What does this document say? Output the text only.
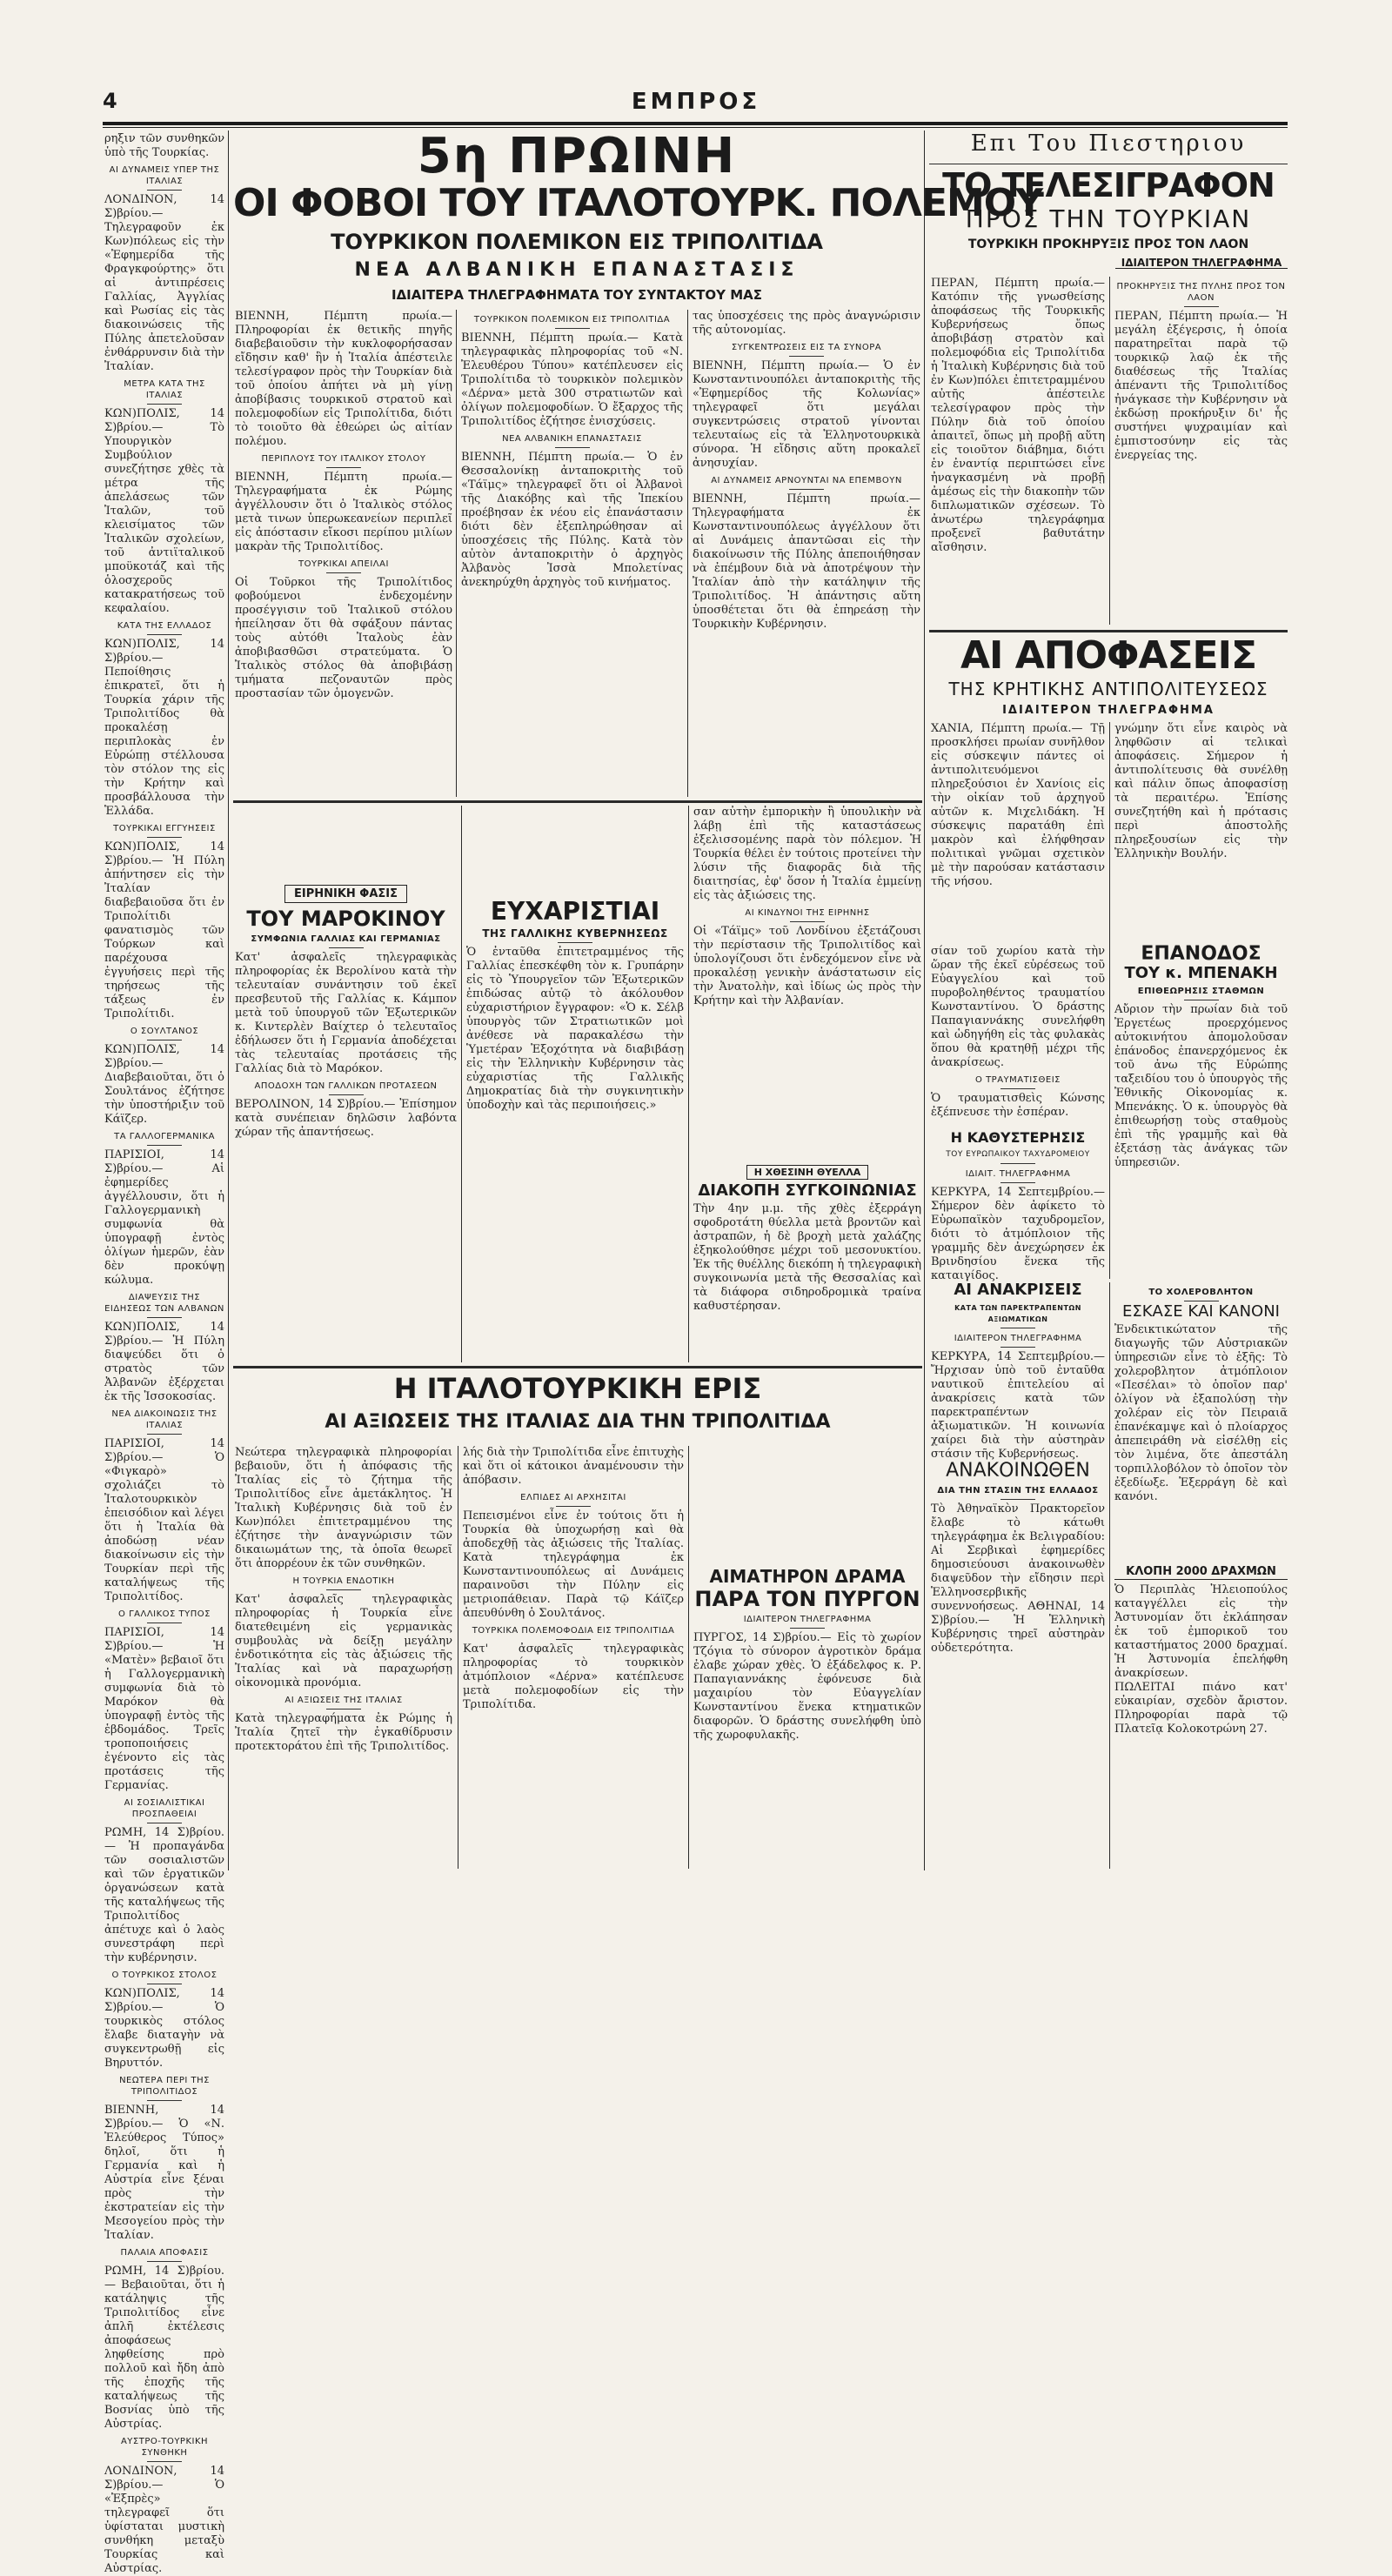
4	ΕΜΠΡΟΣ
ρηξιν τῶν συνθηκῶν ὑπὸ τῆς Τουρκίας.
ΑΙ ΔΥΝΑΜΕΙΣ ΥΠΕΡ ΤΗΣ ΙΤΑΛΙΑΣ
ΛΟΝΔΙΝΟΝ, 14 Σ)βρίου.— Τηλεγραφοῦν ἐκ Κων)πόλεως εἰς τὴν «Ἐφημερίδα τῆς Φραγκφούρτης» ὅτι αἱ ἀντιπρέσεις Γαλλίας, Ἀγγλίας καὶ Ρωσίας εἰς τὰς διακοινώσεις τῆς Πύλης ἀπετελοῦσαν ἐνθάρρυνσιν διὰ τὴν Ἰταλίαν.
ΜΕΤΡΑ ΚΑΤΑ ΤΗΣ ΙΤΑΛΙΑΣ
ΚΩΝ)ΠΟΛΙΣ, 14 Σ)βρίου.— Τὸ Υπουργικὸν Συμβούλιον συνεζήτησε χθὲς τὰ μέτρα τῆς ἀπελάσεως τῶν Ἰταλῶν, τοῦ κλεισίματος τῶν Ἰταλικῶν σχολείων, τοῦ ἀντιϊταλικοῦ μποϋκοτάζ καὶ τῆς ὁλοσχεροῦς κατακρατήσεως τοῦ κεφαλαίου.
ΚΑΤΑ ΤΗΣ ΕΛΛΑΔΟΣ
ΚΩΝ)ΠΟΛΙΣ, 14 Σ)βρίου.— Πεποίθησις ἐπικρατεῖ, ὅτι ἡ Τουρκία χάριν τῆς Τριπολιτίδος θὰ προκαλέσῃ περιπλοκὰς ἐν Εὐρώπῃ στέλλουσα τὸν στόλον της εἰς τὴν Κρήτην καὶ προσβάλλουσα τὴν Ἑλλάδα.
ΤΟΥΡΚΙΚΑΙ ΕΓΓΥΗΣΕΙΣ
ΚΩΝ)ΠΟΛΙΣ, 14 Σ)βρίου.— Ἡ Πύλη ἀπήντησεν εἰς τὴν Ἰταλίαν διαβεβαιοῦσα ὅτι ἐν Τριπολίτιδι φανατισμὸς τῶν Τούρκων καὶ παρέχουσα ἐγγυήσεις περὶ τῆς τηρήσεως τῆς τάξεως ἐν Τριπολίτιδι.
Ο ΣΟΥΛΤΑΝΟΣ
ΚΩΝ)ΠΟΛΙΣ, 14 Σ)βρίου.— Διαβεβαιοῦται, ὅτι ὁ Σουλτάνος ἐζήτησε τὴν ὑποστήριξιν τοῦ Κάϊζερ.
ΤΑ ΓΑΛΛΟΓΕΡΜΑΝΙΚΑ
ΠΑΡΙΣΙΟΙ, 14 Σ)βρίου.— Αἱ ἐφημερίδες ἀγγέλλουσιν, ὅτι ἡ Γαλλογερμανικὴ συμφωνία θὰ ὑπογραφῇ ἐντὸς ὀλίγων ἡμερῶν, ἐὰν δὲν προκύψῃ κώλυμα.
ΔΙΑΨΕΥΣΙΣ ΤΗΣ ΕΙΔΗΣΕΩΣ ΤΩΝ ΑΛΒΑΝΩΝ
ΚΩΝ)ΠΟΛΙΣ, 14 Σ)βρίου.— Ἡ Πύλη διαψεύδει ὅτι ὁ στρατὸς τῶν Ἀλβανῶν ἐξέρχεται ἐκ τῆς Ἰσσοκοσίας.
ΝΕΑ ΔΙΑΚΟΙΝΩΣΙΣ ΤΗΣ ΙΤΑΛΙΑΣ
ΠΑΡΙΣΙΟΙ, 14 Σ)βρίου.— Ὁ «Φιγκαρὸ» σχολιάζει τὸ Ἰταλοτουρκικὸν ἐπεισόδιον καὶ λέγει ὅτι ἡ Ἰταλία θὰ ἀποδώσῃ νέαν διακοίνωσιν εἰς τὴν Τουρκίαν περὶ τῆς καταλήψεως τῆς Τριπολιτίδος.
Ο ΓΑΛΛΙΚΟΣ ΤΥΠΟΣ
ΠΑΡΙΣΙΟΙ, 14 Σ)βρίου.— Ἡ «Ματὲν» βεβαιοῖ ὅτι ἡ Γαλλογερμανικὴ συμφωνία διὰ τὸ Μαρόκον θὰ ὑπογραφῇ ἐντὸς τῆς ἑβδομάδος. Τρεῖς τροποποιήσεις ἐγένοντο εἰς τὰς προτάσεις τῆς Γερμανίας.
ΑΙ ΣΟΣΙΑΛΙΣΤΙΚΑΙ ΠΡΟΣΠΑΘΕΙΑΙ
ΡΩΜΗ, 14 Σ)βρίου.— Ἡ προπαγάνδα τῶν σοσιαλιστῶν καὶ τῶν ἐργατικῶν ὀργανώσεων κατὰ τῆς καταλήψεως τῆς Τριπολιτίδος ἀπέτυχε καὶ ὁ λαὸς συνεστράφη περὶ τὴν κυβέρνησιν.
Ο ΤΟΥΡΚΙΚΟΣ ΣΤΟΛΟΣ
ΚΩΝ)ΠΟΛΙΣ, 14 Σ)βρίου.— Ὁ τουρκικὸς στόλος ἔλαβε διαταγὴν νὰ συγκεντρωθῇ εἰς Βηρυττόν.
ΝΕΩΤΕΡΑ ΠΕΡΙ ΤΗΣ ΤΡΙΠΟΛΙΤΙΔΟΣ
ΒΙΕΝΝΗ, 14 Σ)βρίου.— Ὁ «Ν. Ἐλεύθερος Τύπος» δηλοῖ, ὅτι ἡ Γερμανία καὶ ἡ Αὐστρία εἶνε ξέναι πρὸς τὴν ἐκστρατείαν εἰς τὴν Μεσογείου πρὸς τὴν Ἰταλίαν.
ΠΑΛΑΙΑ ΑΠΟΦΑΣΙΣ
ΡΩΜΗ, 14 Σ)βρίου.— Βεβαιοῦται, ὅτι ἡ κατάληψις τῆς Τριπολιτίδος εἶνε ἀπλῆ ἐκτέλεσις ἀποφάσεως ληφθείσης πρὸ πολλοῦ καὶ ἤδη ἀπὸ τῆς ἐποχῆς τῆς καταλήψεως τῆς Βοσνίας ὑπὸ τῆς Αὐστρίας.
ΑΥΣΤΡΟ-ΤΟΥΡΚΙΚΗ ΣΥΝΘΗΚΗ
ΛΟΝΔΙΝΟΝ, 14 Σ)βρίου.— Ὁ «Ἐξπρὲς» τηλεγραφεῖ ὅτι ὑφίσταται μυστικὴ συνθήκη μεταξὺ Τουρκίας καὶ Αὐστρίας.
5η ΠΡΩΙΝΗ
ΟΙ ΦΟΒΟΙ ΤΟΥ ΙΤΑΛΟΤΟΥΡΚ. ΠΟΛΕΜΟΥ
ΤΟΥΡΚΙΚΟΝ ΠΟΛΕΜΙΚΟΝ ΕΙΣ ΤΡΙΠΟΛΙΤΙΔΑ
ΝΕΑ ΑΛΒΑΝΙΚΗ ΕΠΑΝΑΣΤΑΣΙΣ
ΙΔΙΑΙΤΕΡΑ ΤΗΛΕΓΡΑΦΗΜΑΤΑ ΤΟΥ ΣΥΝΤΑΚΤΟΥ ΜΑΣ
ΒΙΕΝΝΗ, Πέμπτη πρωία.— Πληροφορίαι ἐκ θετικῆς πηγῆς διαβεβαιοῦσιν τὴν κυκλοφορήσασαν εἴδησιν καθ' ἣν ἡ Ἰταλία ἀπέστειλε τελεσίγραφον πρὸς τὴν Τουρκίαν διὰ τοῦ ὁποίου ἀπήτει νὰ μὴ γίνῃ ἀποβίβασις τουρκικοῦ στρατοῦ καὶ πολεμοφοδίων εἰς Τριπολίτιδα, διότι τὸ τοιοῦτο θὰ ἐθεώρει ὡς αἰτίαν πολέμου.
ΠΕΡΙΠΛΟΥΣ ΤΟΥ ΙΤΑΛΙΚΟΥ ΣΤΟΛΟΥ
ΒΙΕΝΝΗ, Πέμπτη πρωία.— Τηλεγραφήματα ἐκ Ρώμης ἀγγέλλουσιν ὅτι ὁ Ἰταλικὸς στόλος μετὰ τινων ὑπερωκεανείων περιπλεῖ εἰς ἀπόστασιν εἴκοσι περίπου μιλίων μακρὰν τῆς Τριπολιτίδος.
ΤΟΥΡΚΙΚΑΙ ΑΠΕΙΛΑΙ
Οἱ Τοῦρκοι τῆς Τριπολίτιδος φοβούμενοι ἐνδεχομένην προσέγγισιν τοῦ Ἰταλικοῦ στόλου ἠπείλησαν ὅτι θὰ σφάξουν πάντας τοὺς αὐτόθι Ἰταλοὺς ἐὰν ἀποβιβασθῶσι στρατεύματα. Ὁ Ἰταλικὸς στόλος θὰ ἀποβιβάσῃ τμήματα πεζοναυτῶν πρὸς προστασίαν τῶν ὁμογενῶν.
ΤΟΥΡΚΙΚΟΝ ΠΟΛΕΜΙΚΟΝ ΕΙΣ ΤΡΙΠΟΛΙΤΙΔΑ
ΒΙΕΝΝΗ, Πέμπτη πρωία.— Κατὰ τηλεγραφικὰς πληροφορίας τοῦ «Ν. Ἐλευθέρου Τύπου» κατέπλευσεν εἰς Τριπολίτιδα τὸ τουρκικὸν πολεμικὸν «Δέρνα» μετὰ 300 στρατιωτῶν καὶ ὀλίγων πολεμοφοδίων. Ὁ ἔξαρχος τῆς Τριπολιτίδος ἐζήτησε ἐνισχύσεις.
ΝΕΑ ΑΛΒΑΝΙΚΗ ΕΠΑΝΑΣΤΑΣΙΣ
ΒΙΕΝΝΗ, Πέμπτη πρωία.— Ὁ ἐν Θεσσαλονίκῃ ἀνταποκριτὴς τοῦ «Τάϊμς» τηλεγραφεῖ ὅτι οἱ Ἀλβανοὶ τῆς Διακόβης καὶ τῆς Ἰπεκίου προέβησαν ἐκ νέου εἰς ἐπανάστασιν διότι δὲν ἐξεπληρώθησαν αἱ ὑποσχέσεις τῆς Πύλης. Κατὰ τὸν αὐτὸν ἀνταποκριτὴν ὁ ἀρχηγὸς Ἀλβανὸς Ἰσσὰ Μπολετίνας ἀνεκηρύχθη ἀρχηγὸς τοῦ κινήματος.
τας ὑποσχέσεις της πρὸς ἀναγνώρισιν τῆς αὐτονομίας.
ΣΥΓΚΕΝΤΡΩΣΕΙΣ ΕΙΣ ΤΑ ΣΥΝΟΡΑ
ΒΙΕΝΝΗ, Πέμπτη πρωία.— Ὁ ἐν Κωνσταντινουπόλει ἀνταποκριτὴς τῆς «Ἐφημερίδος τῆς Κολωνίας» τηλεγραφεῖ ὅτι μεγάλαι συγκεντρώσεις στρατοῦ γίνονται τελευταίως εἰς τὰ Ἑλληνοτουρκικὰ σύνορα. Ἡ εἴδησις αὕτη προκαλεῖ ἀνησυχίαν.
ΑΙ ΔΥΝΑΜΕΙΣ ΑΡΝΟΥΝΤΑΙ ΝΑ ΕΠΕΜΒΟΥΝ
ΒΙΕΝΝΗ, Πέμπτη πρωία.— Τηλεγραφήματα ἐκ Κωνσταντινουπόλεως ἀγγέλλουν ὅτι αἱ Δυνάμεις ἀπαντῶσαι εἰς τὴν διακοίνωσιν τῆς Πύλης ἀπεποιήθησαν νὰ ἐπέμβουν διὰ νὰ ἀποτρέψουν τὴν Ἰταλίαν ἀπὸ τὴν κατάληψιν τῆς Τριπολιτίδος. Ἡ ἀπάντησις αὕτη ὑποσθέτεται ὅτι θὰ ἐπηρεάσῃ τὴν Τουρκικὴν Κυβέρνησιν.
ΕΙΡΗΝΙΚΗ ΦΑΣΙΣ
ΤΟΥ ΜΑΡΟΚΙΝΟΥ
ΣΥΜΦΩΝΙΑ ΓΑΛΛΙΑΣ ΚΑΙ ΓΕΡΜΑΝΙΑΣ
Κατ' ἀσφαλεῖς τηλεγραφικὰς πληροφορίας ἐκ Βερολίνου κατὰ τὴν τελευταίαν συνάντησιν τοῦ ἐκεῖ πρεσβευτοῦ τῆς Γαλλίας κ. Κάμπον μετὰ τοῦ ὑπουργοῦ τῶν Ἐξωτερικῶν κ. Κιντερλὲν Βαίχτερ ὁ τελευταῖος ἐδήλωσεν ὅτι ἡ Γερμανία ἀποδέχεται τὰς τελευταίας προτάσεις τῆς Γαλλίας διὰ τὸ Μαρόκον.
ΑΠΟΔΟΧΗ ΤΩΝ ΓΑΛΛΙΚΩΝ ΠΡΟΤΑΣΕΩΝ
ΒΕΡΟΛΙΝΟΝ, 14 Σ)βρίου.— Ἐπίσημον κατὰ συνέπειαν δηλῶσιν λαβόντα χώραν τῆς ἀπαντήσεως.
ΕΥΧΑΡΙΣΤΙΑΙ
ΤΗΣ ΓΑΛΛΙΚΗΣ ΚΥΒΕΡΝΗΣΕΩΣ
Ὁ ἐνταῦθα ἐπιτετραμμένος τῆς Γαλλίας ἐπεσκέφθη τὸν κ. Γρυπάρην εἰς τὸ Ὑπουργεῖον τῶν Ἐξωτερικῶν ἐπιδώσας αὐτῷ τὸ ἀκόλουθον εὐχαριστήριον ἔγγραφον: «Ὁ κ. Σέλβ ὑπουργὸς τῶν Στρατιωτικῶν μοὶ ἀνέθεσε νὰ παρακαλέσω τὴν Ὑμετέραν Ἐξοχότητα νὰ διαβιβάσῃ εἰς τὴν Ἑλληνικὴν Κυβέρνησιν τὰς εὐχαριστίας τῆς Γαλλικῆς Δημοκρατίας διὰ τὴν συγκινητικὴν ὑποδοχὴν καὶ τὰς περιποιήσεις.»
σαν αὐτὴν ἐμπορικὴν ἢ ὑπουλικὴν νὰ λάβῃ ἐπὶ τῆς καταστάσεως ἐξελισσομένης παρὰ τὸν πόλεμον. Ἡ Τουρκία θέλει ἐν τούτοις προτείνει τὴν λύσιν τῆς διαφορᾶς διὰ τῆς διαιτησίας, ἐφ' ὅσον ἡ Ἰταλία ἐμμείνῃ εἰς τὰς ἀξιώσεις της.
ΑΙ ΚΙΝΔΥΝΟΙ ΤΗΣ ΕΙΡΗΝΗΣ
Οἱ «Τάϊμς» τοῦ Λονδίνου ἐξετάζουσι τὴν περίστασιν τῆς Τριπολιτίδος καὶ ὑπολογίζουσι ὅτι ἐνδεχόμενον εἶνε νὰ προκαλέσῃ γενικὴν ἀνάστατωσιν εἰς τὴν Ἀνατολὴν, καὶ ἰδίως ὡς πρὸς τὴν Κρήτην καὶ τὴν Ἀλβανίαν.
Η ΧΘΕΣΙΝΗ ΘΥΕΛΛΑ
ΔΙΑΚΟΠΗ ΣΥΓΚΟΙΝΩΝΙΑΣ
Τὴν 4ην μ.μ. τῆς χθὲς ἐξερράγη σφοδροτάτη θύελλα μετὰ βροντῶν καὶ ἀστραπῶν, ἡ δὲ βροχὴ μετὰ χαλάζης ἐξηκολούθησε μέχρι τοῦ μεσονυκτίου. Ἐκ τῆς θυέλλης διεκόπη ἡ τηλεγραφικὴ συγκοινωνία μετὰ τῆς Θεσσαλίας καὶ τὰ διάφορα σιδηροδρομικὰ τραίνα καθυστέρησαν.
Η ΙΤΑΛΟΤΟΥΡΚΙΚΗ ΕΡΙΣ
ΑΙ ΑΞΙΩΣΕΙΣ ΤΗΣ ΙΤΑΛΙΑΣ ΔΙΑ ΤΗΝ ΤΡΙΠΟΛΙΤΙΔΑ
Νεώτερα τηλεγραφικὰ πληροφορίαι βεβαιοῦν, ὅτι ἡ ἀπόφασις τῆς Ἰταλίας εἰς τὸ ζήτημα τῆς Τριπολιτίδος εἶνε ἀμετάκλητος. Ἡ Ἰταλικὴ Κυβέρνησις διὰ τοῦ ἐν Κων)πόλει ἐπιτετραμμένου της ἐζήτησε τὴν ἀναγνώρισιν τῶν δικαιωμάτων της, τὰ ὁποῖα θεωρεῖ ὅτι ἀπορρέουν ἐκ τῶν συνθηκῶν.
Η ΤΟΥΡΚΙΑ ΕΝΔΟΤΙΚΗ
Κατ' ἀσφαλεῖς τηλεγραφικὰς πληροφορίας ἡ Τουρκία εἶνε διατεθειμένη εἰς γερμανικὰς συμβουλὰς νὰ δείξῃ μεγάλην ἐνδοτικότητα εἰς τὰς ἀξιώσεις τῆς Ἰταλίας καὶ νὰ παραχωρήσῃ οἰκονομικὰ προνόμια.
ΑΙ ΑΞΙΩΣΕΙΣ ΤΗΣ ΙΤΑΛΙΑΣ
Κατὰ τηλεγραφήματα ἐκ Ρώμης ἡ Ἰταλία ζητεῖ τὴν ἐγκαθίδρυσιν προτεκτοράτου ἐπὶ τῆς Τριπολιτίδος.
λής διὰ τὴν Τριπολίτιδα εἶνε ἐπιτυχὴς καὶ ὅτι οἱ κάτοικοι ἀναμένουσιν τὴν ἀπόβασιν.
ΕΛΠΙΔΕΣ ΑΙ ΑΡΧΗΣΙΤΑΙ
Πεπεισμένοι εἶνε ἐν τούτοις ὅτι ἡ Τουρκία θὰ ὑποχωρήσῃ καὶ θὰ ἀποδεχθῇ τὰς ἀξιώσεις τῆς Ἰταλίας. Κατὰ τηλεγράφημα ἐκ Κωνσταντινουπόλεως αἱ Δυνάμεις παραινοῦσι τὴν Πύλην εἰς μετριοπάθειαν. Παρὰ τῷ Κάϊζερ ἀπευθύνθη ὁ Σουλτάνος.
ΤΟΥΡΚΙΚΑ ΠΟΛΕΜΟΦΟΔΙΑ ΕΙΣ ΤΡΙΠΟΛΙΤΙΔΑ
Κατ' ἀσφαλεῖς τηλεγραφικὰς πληροφορίας τὸ τουρκικὸν ἀτμόπλοιον «Δέρνα» κατέπλευσε μετὰ πολεμοφοδίων εἰς τὴν Τριπολίτιδα.
ΑΙΜΑΤΗΡΟΝ ΔΡΑΜΑ
ΠΑΡΑ ΤΟΝ ΠΥΡΓΟΝ
ΙΔΙΑΙΤΕΡΟΝ ΤΗΛΕΓΡΑΦΗΜΑ
ΠΥΡΓΟΣ, 14 Σ)βρίου.— Εἰς τὸ χωρίον Τζόγια τὸ σύνορον ἀγροτικὸν δράμα ἐλαβε χώραν χθὲς. Ὁ ἐξάδελφος κ. Ρ. Παπαγιαννάκης ἐφόνευσε διὰ μαχαιρίου τὸν Εὐαγγελίαν Κωνσταντίνου ἕνεκα κτηματικῶν διαφορῶν. Ὁ δράστης συνελήφθη ὑπὸ τῆς χωροφυλακῆς.
Επι Του Πιεστηριου
ΤΟ ΤΕΛΕΣΙΓΡΑΦΟΝ
ΠΡΟΣ ΤΗΝ ΤΟΥΡΚΙΑΝ
ΤΟΥΡΚΙΚΗ ΠΡΟΚΗΡΥΞΙΣ ΠΡΟΣ ΤΟΝ ΛΑΟΝ
ΙΔΙΑΙΤΕΡΟΝ ΤΗΛΕΓΡΑΦΗΜΑ
ΠΕΡΑΝ, Πέμπτη πρωία.— Κατόπιν τῆς γνωσθείσης ἀποφάσεως τῆς Τουρκικῆς Κυβερνήσεως ὅπως ἀποβιβάσῃ στρατὸν καὶ πολεμοφόδια εἰς Τριπολίτιδα ἡ Ἰταλικὴ Κυβέρνησις διὰ τοῦ ἐν Κων)πόλει ἐπιτετραμμένου αὐτῆς ἀπέστειλε τελεσίγραφον πρὸς τὴν Πύλην διὰ τοῦ ὁποίου ἀπαιτεῖ, ὅπως μὴ προβῇ αὕτη εἰς τοιοῦτον διάβημα, διότι ἐν ἐναντίᾳ περιπτώσει εἶνε ἠναγκασμένη νὰ προβῇ ἀμέσως εἰς τὴν διακοπὴν τῶν διπλωματικῶν σχέσεων. Τὸ ἀνωτέρω τηλεγράφημα προξενεῖ βαθυτάτην αἴσθησιν.
ΠΡΟΚΗΡΥΞΙΣ ΤΗΣ ΠΥΛΗΣ ΠΡΟΣ ΤΟΝ ΛΑΟΝ
ΠΕΡΑΝ, Πέμπτη πρωία.— Ἡ μεγάλη ἐξέγερσις, ἡ ὁποία παρατηρεῖται παρὰ τῷ τουρκικῷ λαῷ ἐκ τῆς διαθέσεως τῆς Ἰταλίας ἀπέναντι τῆς Τριπολιτίδος ἠνάγκασε τὴν Κυβέρνησιν νὰ ἐκδώσῃ προκήρυξιν δι' ἧς συστήνει ψυχραιμίαν καὶ ἐμπιστοσύνην εἰς τὰς ἐνεργείας της.
ΑΙ ΑΠΟΦΑΣΕΙΣ
ΤΗΣ ΚΡΗΤΙΚΗΣ ΑΝΤΙΠΟΛΙΤΕΥΣΕΩΣ
ΙΔΙΑΙΤΕΡΟΝ ΤΗΛΕΓΡΑΦΗΜΑ
ΧΑΝΙΑ, Πέμπτη πρωία.— Τῇ προσκλήσει πρωίαν συνῆλθον εἰς σύσκεψιν πάντες οἱ ἀντιπολιτευόμενοι πληρεξούσιοι ἐν Χανίοις εἰς τὴν οἰκίαν τοῦ ἀρχηγοῦ αὐτῶν κ. Μιχελιδάκη. Ἡ σύσκεψις παρατάθη ἐπὶ μακρὸν καὶ ἐλήφθησαν πολιτικαὶ γνῶμαι σχετικὸν μὲ τὴν παρούσαν κατάστασιν τῆς νήσου.
γνώμην ὅτι εἶνε καιρὸς νὰ ληφθῶσιν αἱ τελικαὶ ἀποφάσεις. Σήμερον ἡ ἀντιπολίτευσις θὰ συνέλθῃ καὶ πάλιν ὅπως ἀποφασίσῃ τὰ περαιτέρω. Ἐπίσης συνεζητήθη καὶ ἡ πρότασις περὶ ἀποστολῆς πληρεξουσίων εἰς τὴν Ἑλληνικὴν Βουλήν.
σίαν τοῦ χωρίου κατὰ τὴν ὥραν τῆς ἐκεῖ εὑρέσεως τοῦ Εὐαγγελίου καὶ τοῦ πυροβοληθέντος τραυματίου Κωνσταντίνου. Ὁ δράστης Παπαγιαννάκης συνελήφθη καὶ ὡδηγήθη εἰς τὰς φυλακὰς ὅπου θὰ κρατηθῇ μέχρι τῆς ἀνακρίσεως.
Ο ΤΡΑΥΜΑΤΙΣΘΕΙΣ
Ὁ τραυματισθεὶς Κώνσης ἐξέπνευσε τὴν ἑσπέραν.
ΕΠΑΝΟΔΟΣ
ΤΟΥ κ. ΜΠΕΝΑΚΗ
ΕΠΙΘΕΩΡΗΣΙΣ ΣΤΑΘΜΩΝ
Αὔριον τὴν πρωίαν διὰ τοῦ Ἐργετέως προερχόμενος αὐτοκινήτου ἀπομολοῦσαν ἐπάνοδος ἐπανερχόμενος ἐκ τοῦ ἀνω τῆς Εὐρώπης ταξειδίου του ὁ ὑπουργὸς τῆς Ἐθνικῆς Οἰκονομίας κ. Μπενάκης. Ὁ κ. ὑπουργὸς θὰ ἐπιθεωρήσῃ τοὺς σταθμοὺς ἐπὶ τῆς γραμμῆς καὶ θὰ ἐξετάσῃ τὰς ἀνάγκας τῶν ὑπηρεσιῶν.
Η ΚΑΘΥΣΤΕΡΗΣΙΣ
ΤΟΥ ΕΥΡΩΠΑΙΚΟΥ ΤΑΧΥΔΡΟΜΕΙΟΥ
ΙΔΙΑΙΤ. ΤΗΛΕΓΡΑΦΗΜΑ
ΚΕΡΚΥΡΑ, 14 Σεπτεμβρίου.— Σήμερον δὲν ἀφίκετο τὸ Εὐρωπαϊκὸν ταχυδρομεῖον, διότι τὸ ἀτμόπλοιον τῆς γραμμῆς δὲν ἀνεχώρησεν ἐκ Βρινδησίου ἕνεκα τῆς καταιγίδος.
ΑΙ ΑΝΑΚΡΙΣΕΙΣ
ΚΑΤΑ ΤΩΝ ΠΑΡΕΚΤΡΑΠΕΝΤΩΝ ΑΞΙΩΜΑΤΙΚΩΝ
ΙΔΙΑΙΤΕΡΟΝ ΤΗΛΕΓΡΑΦΗΜΑ
ΚΕΡΚΥΡΑ, 14 Σεπτεμβρίου.— Ἤρχισαν ὑπὸ τοῦ ἐνταῦθα ναυτικοῦ ἐπιτελείου αἱ ἀνακρίσεις κατὰ τῶν παρεκτραπέντων ἀξιωματικῶν. Ἡ κοινωνία χαίρει διὰ τὴν αὐστηρὰν στάσιν τῆς Κυβερνήσεως.
ΑΝΑΚΟΙΝΩΘΕΝ
ΔΙΑ ΤΗΝ ΣΤΑΣΙΝ ΤΗΣ ΕΛΛΑΔΟΣ
Τὸ Ἀθηναϊκὸν Πρακτορεῖον ἔλαβε τὸ κάτωθι τηλεγράφημα ἐκ Βελιγραδίου: Αἱ Σερβικαὶ ἐφημερίδες δημοσιεύουσι ἀνακοινωθὲν διαψεῦδον τὴν εἴδησιν περὶ Ἑλληνοσερβικῆς συνεννοήσεως. ΑΘΗΝΑΙ, 14 Σ)βρίου.— Ἡ Ἑλληνικὴ Κυβέρνησις τηρεῖ αὐστηρὰν οὐδετερότητα.
ΤΟ ΧΟΛΕΡΟΒΛΗΤΟΝ
ΕΣΚΑΣΕ ΚΑΙ ΚΑΝΟΝΙ
Ἐνδεικτικώτατον τῆς διαγωγῆς τῶν Αὐστριακῶν ὑπηρεσιῶν εἶνε τὸ ἑξῆς: Τὸ χολεροβλητον ἀτμόπλοιον «Πεσέλαι» τὸ ὁποῖον παρ' ὀλίγον νὰ ἐξαπολύσῃ τὴν χολέραν εἰς τὸν Πειραιᾶ ἐπανέκαμψε καὶ ὁ πλοίαρχος ἀπεπειράθη νὰ εἰσέλθῃ εἰς τὸν λιμένα, ὅτε ἀπεστάλη τορπιλλοβόλον τὸ ὁποῖον τὸν ἐξεδίωξε. Ἐξερράγη δὲ καὶ κανόνι.
ΚΛΟΠΗ 2000 ΔΡΑΧΜΩΝ
Ὁ Περιπλὰς Ἠλειοπούλος καταγγέλλει εἰς τὴν Ἀστυνομίαν ὅτι ἐκλάπησαν ἐκ τοῦ ἐμπορικοῦ του καταστήματος 2000 δραχμαί. Ἡ Ἀστυνομία ἐπελήφθη ἀνακρίσεων.
ΠΩΛΕΙΤΑΙ πιάνο κατ' εὐκαιρίαν, σχεδὸν ἄριστον. Πληροφορίαι παρὰ τῷ Πλατεῖᾳ Κολοκοτρώνη 27.
